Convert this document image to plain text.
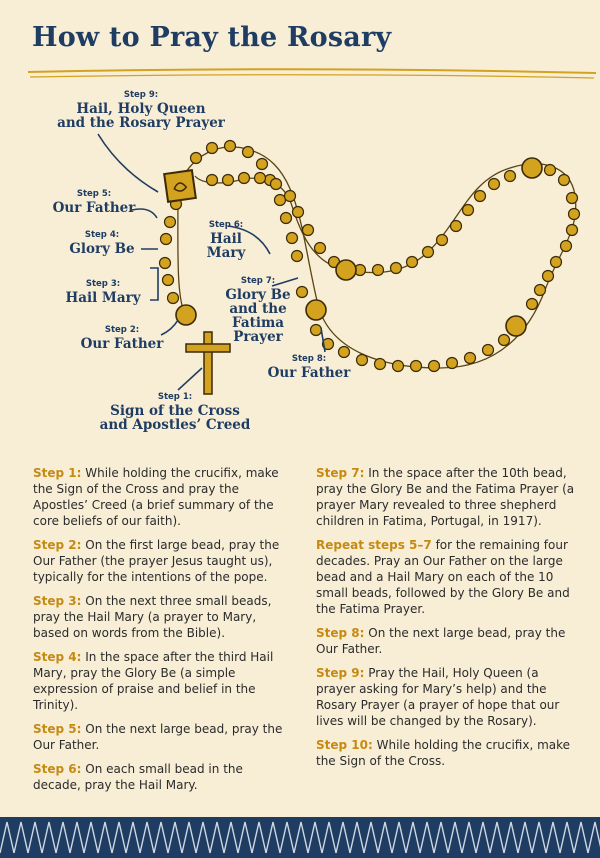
How to Pray the Rosary
Step 9:
Hail, Holy Queen
and the Rosary Prayer
Step 5:
Our Father
Step 4:
Glory Be
Step 3:
Hail Mary
Step 2:
Our Father
Step 1:
Sign of the Cross
and Apostles’ Creed
Step 6:
Hail
Mary
Step 7:
Glory Be
and the
Fatima
Prayer
Step 8:
Our Father

Step 1: While holding the crucifix, make the Sign of the Cross and pray the Apostles’ Creed (a brief summary of the core beliefs of our faith).

Step 2: On the first large bead, pray the Our Father (the prayer Jesus taught us), typically for the intentions of the pope.

Step 3: On the next three small beads, pray the Hail Mary (a prayer to Mary, based on words from the Bible).

Step 4: In the space after the third Hail Mary, pray the Glory Be (a simple expression of praise and belief in the Trinity).

Step 5: On the next large bead, pray the Our Father.

Step 6: On each small bead in the decade, pray the Hail Mary.

Step 7: In the space after the 10th bead, pray the Glory Be and the Fatima Prayer (a prayer Mary revealed to three shepherd children in Fatima, Portugal, in 1917).

Repeat steps 5–7 for the remaining four decades. Pray an Our Father on the large bead and a Hail Mary on each of the 10 small beads, followed by the Glory Be and the Fatima Prayer.

Step 8: On the next large bead, pray the Our Father.

Step 9: Pray the Hail, Holy Queen (a prayer asking for Mary’s help) and the Rosary Prayer (a prayer of hope that our lives will be changed by the Rosary).

Step 10: While holding the crucifix, make the Sign of the Cross.
